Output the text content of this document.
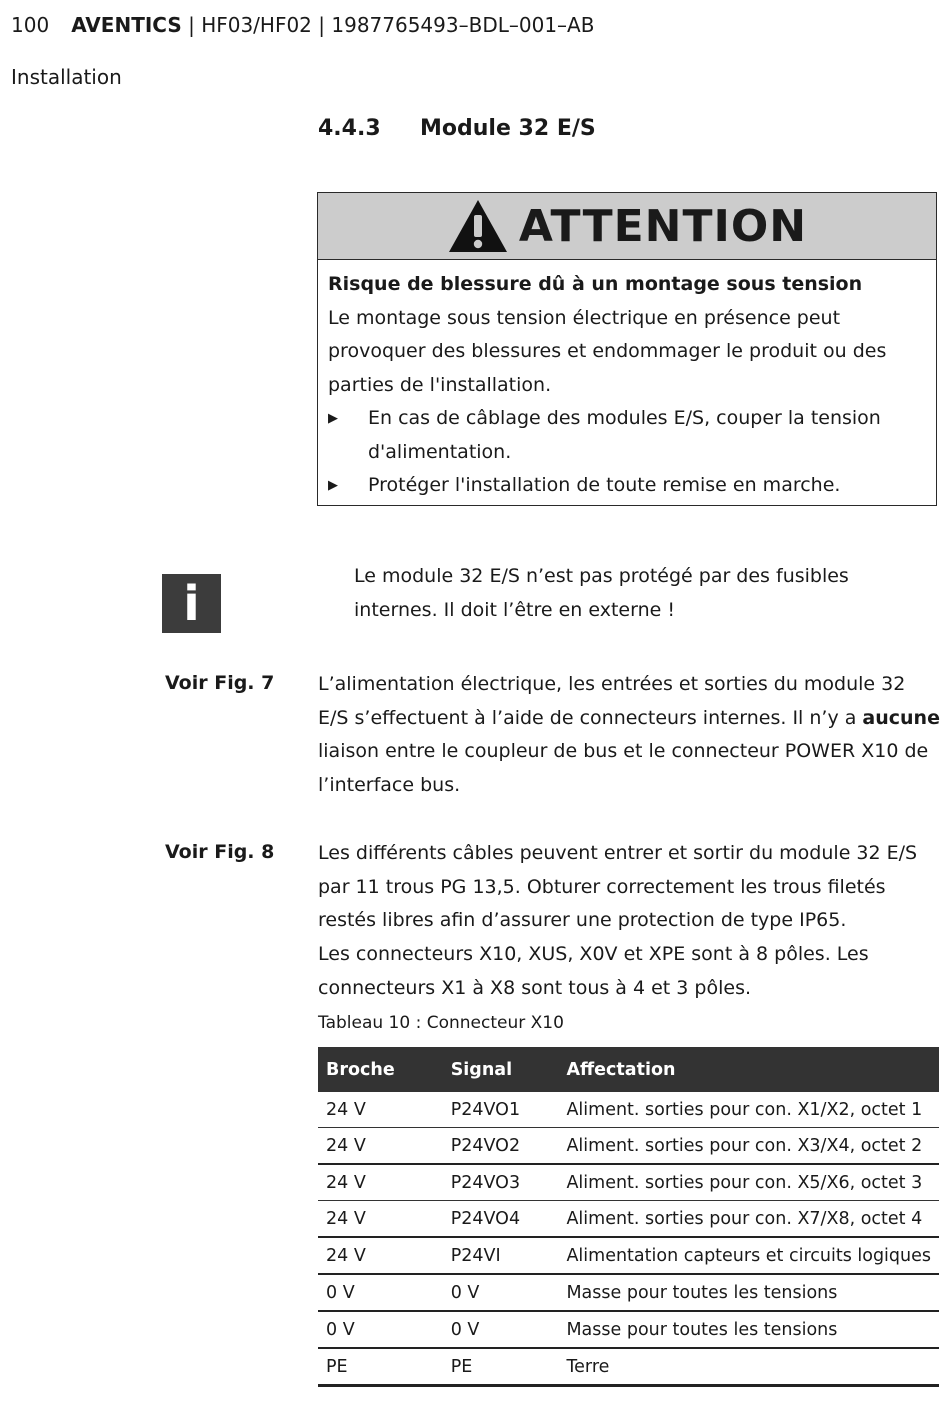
100 AVENTICS | HF03/HF02 | 1987765493–BDL–001–AB
Installation
4.4.3 Module 32 E/S
ATTENTION
Risque de blessure dû à un montage sous tension
Le montage sous tension électrique en présence peut provoquer des blessures et endommager le produit ou des parties de l'installation.
▶	En cas de câblage des modules E/S, couper la tension d'alimentation.
▶	Protéger l'installation de toute remise en marche.
i	Le module 32 E/S n’est pas protégé par des fusibles internes. Il doit l’être en externe !
Voir Fig. 7 L’alimentation électrique, les entrées et sorties du module 32 E/S s’effectuent à l’aide de connecteurs internes. Il n’y a aucune liaison entre le coupleur de bus et le connecteur POWER X10 de l’interface bus.
Voir Fig. 8 Les différents câbles peuvent entrer et sortir du module 32 E/S par 11 trous PG 13,5. Obturer correctement les trous filetés restés libres afin d’assurer une protection de type IP65.
Les connecteurs X10, XUS, X0V et XPE sont à 8 pôles. Les connecteurs X1 à X8 sont tous à 4 et 3 pôles.
Tableau 10 : Connecteur X10
Broche	Signal	Affectation
24 V	P24VO1	Aliment. sorties pour con. X1/X2, octet 1
24 V	P24VO2	Aliment. sorties pour con. X3/X4, octet 2
24 V	P24VO3	Aliment. sorties pour con. X5/X6, octet 3
24 V	P24VO4	Aliment. sorties pour con. X7/X8, octet 4
24 V	P24VI	Alimentation capteurs et circuits logiques
0 V	0 V	Masse pour toutes les tensions
0 V	0 V	Masse pour toutes les tensions
PE	PE	Terre
